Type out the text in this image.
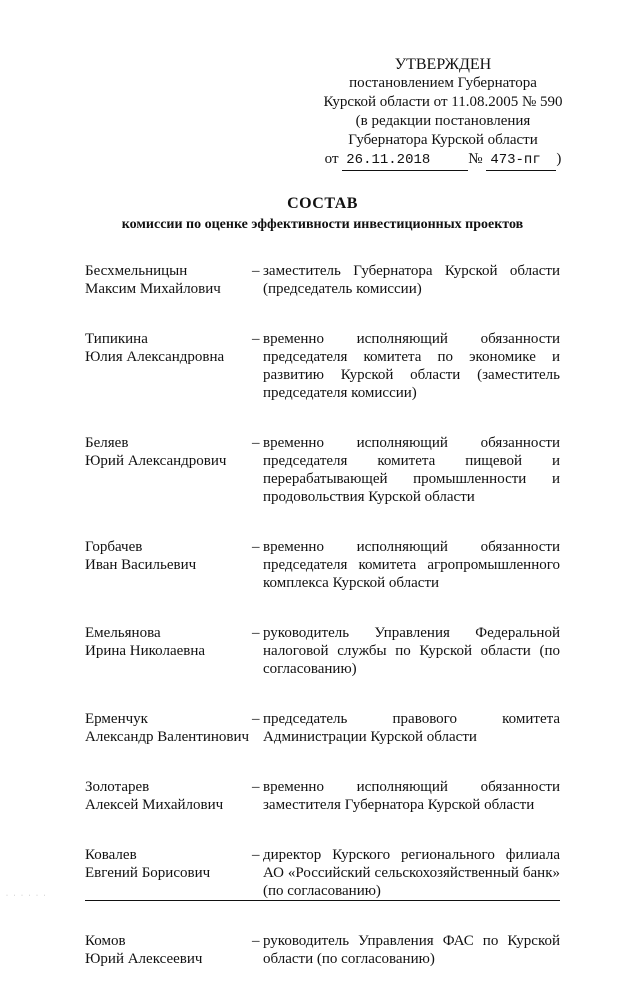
УТВЕРЖДЕН
постановлением Губернатора
Курской области от 11.08.2005 № 590
(в редакции постановления
Губернатора Курской области
от
26.11.2018	№
473-пг	)
СОСТАВ
комиссии по оценке эффективности инвестиционных проектов
Бесхмельницын
Максим Михайлович
– заместитель Губернатора Курской области (председатель комиссии)
Типикина
Юлия Александровна
– временно исполняющий обязанности председателя комитета по экономике и развитию Курской области (заместитель председателя комиссии)
Беляев
Юрий Александрович
– временно исполняющий обязанности председателя комитета пищевой и перерабатывающей промышленности и продовольствия Курской области
Горбачев
Иван Васильевич
– временно исполняющий обязанности председателя комитета агропромышленного комплекса Курской области
Емельянова
Ирина Николаевна
– руководитель Управления Федеральной налоговой службы по Курской области (по согласованию)
Ерменчук
Александр Валентинович
– председатель правового комитета Администрации Курской области
Золотарев
Алексей Михайлович
– временно исполняющий обязанности заместителя Губернатора Курской области
Ковалев
Евгений Борисович
– директор Курского регионального филиала АО «Российский сельскохозяйственный банк» (по согласованию)
Комов
Юрий Алексеевич
– руководитель Управления ФАС по Курской области (по согласованию)
· · · · · ·
